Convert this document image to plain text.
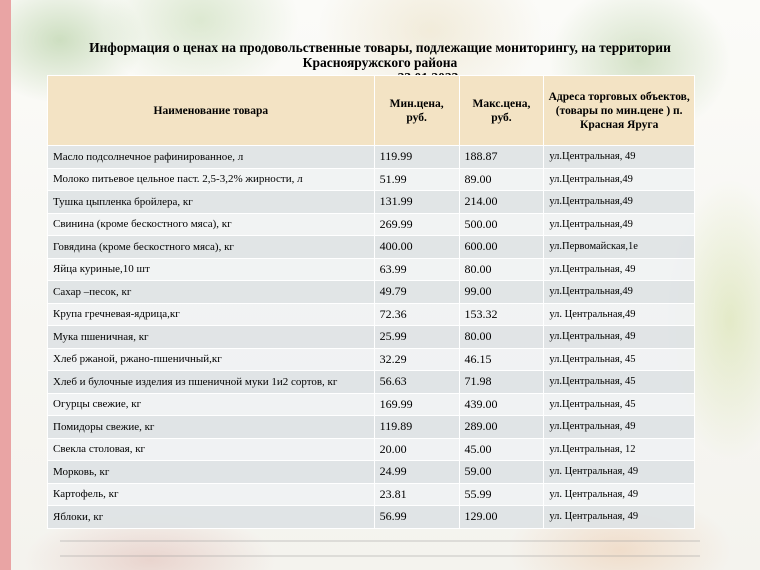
Информация о ценах на продовольственные товары, подлежащие мониторингу, на территории
Краснояружского района
Наименование товара	Мин.цена, руб.	Макс.цена, руб.	Адреса торговых объектов, (товары по мин.цене ) п. Красная Яруга
Масло подсолнечное рафинированное, л	119.99	188.87	ул.Центральная, 49
Молоко питьевое цельное паст. 2,5-3,2% жирности, л	51.99	89.00	ул.Центральная,49
Тушка цыпленка бройлера, кг	131.99	214.00	ул.Центральная,49
Свинина (кроме бескостного мяса), кг	269.99	500.00	ул.Центральная,49
Говядина (кроме бескостного мяса), кг	400.00	600.00	ул.Первомайская,1е
Яйца куриные,10 шт	63.99	80.00	ул.Центральная, 49
Сахар –песок, кг	49.79	99.00	ул.Центральная,49
Крупа гречневая-ядрица,кг	72.36	153.32	ул. Центральная,49
Мука пшеничная, кг	25.99	80.00	ул.Центральная, 49
Хлеб ржаной, ржано-пшеничный,кг	32.29	46.15	ул.Центральная, 45
Хлеб и булочные изделия из пшеничной муки 1и2 сортов, кг	56.63	71.98	ул.Центральная, 45
Огурцы свежие, кг	169.99	439.00	ул.Центральная, 45
Помидоры свежие, кг	119.89	289.00	ул.Центральная, 49
Свекла столовая, кг	20.00	45.00	ул.Центральная, 12
Морковь, кг	24.99	59.00	ул. Центральная, 49
Картофель, кг	23.81	55.99	ул. Центральная, 49
Яблоки, кг	56.99	129.00	ул. Центральная, 49
